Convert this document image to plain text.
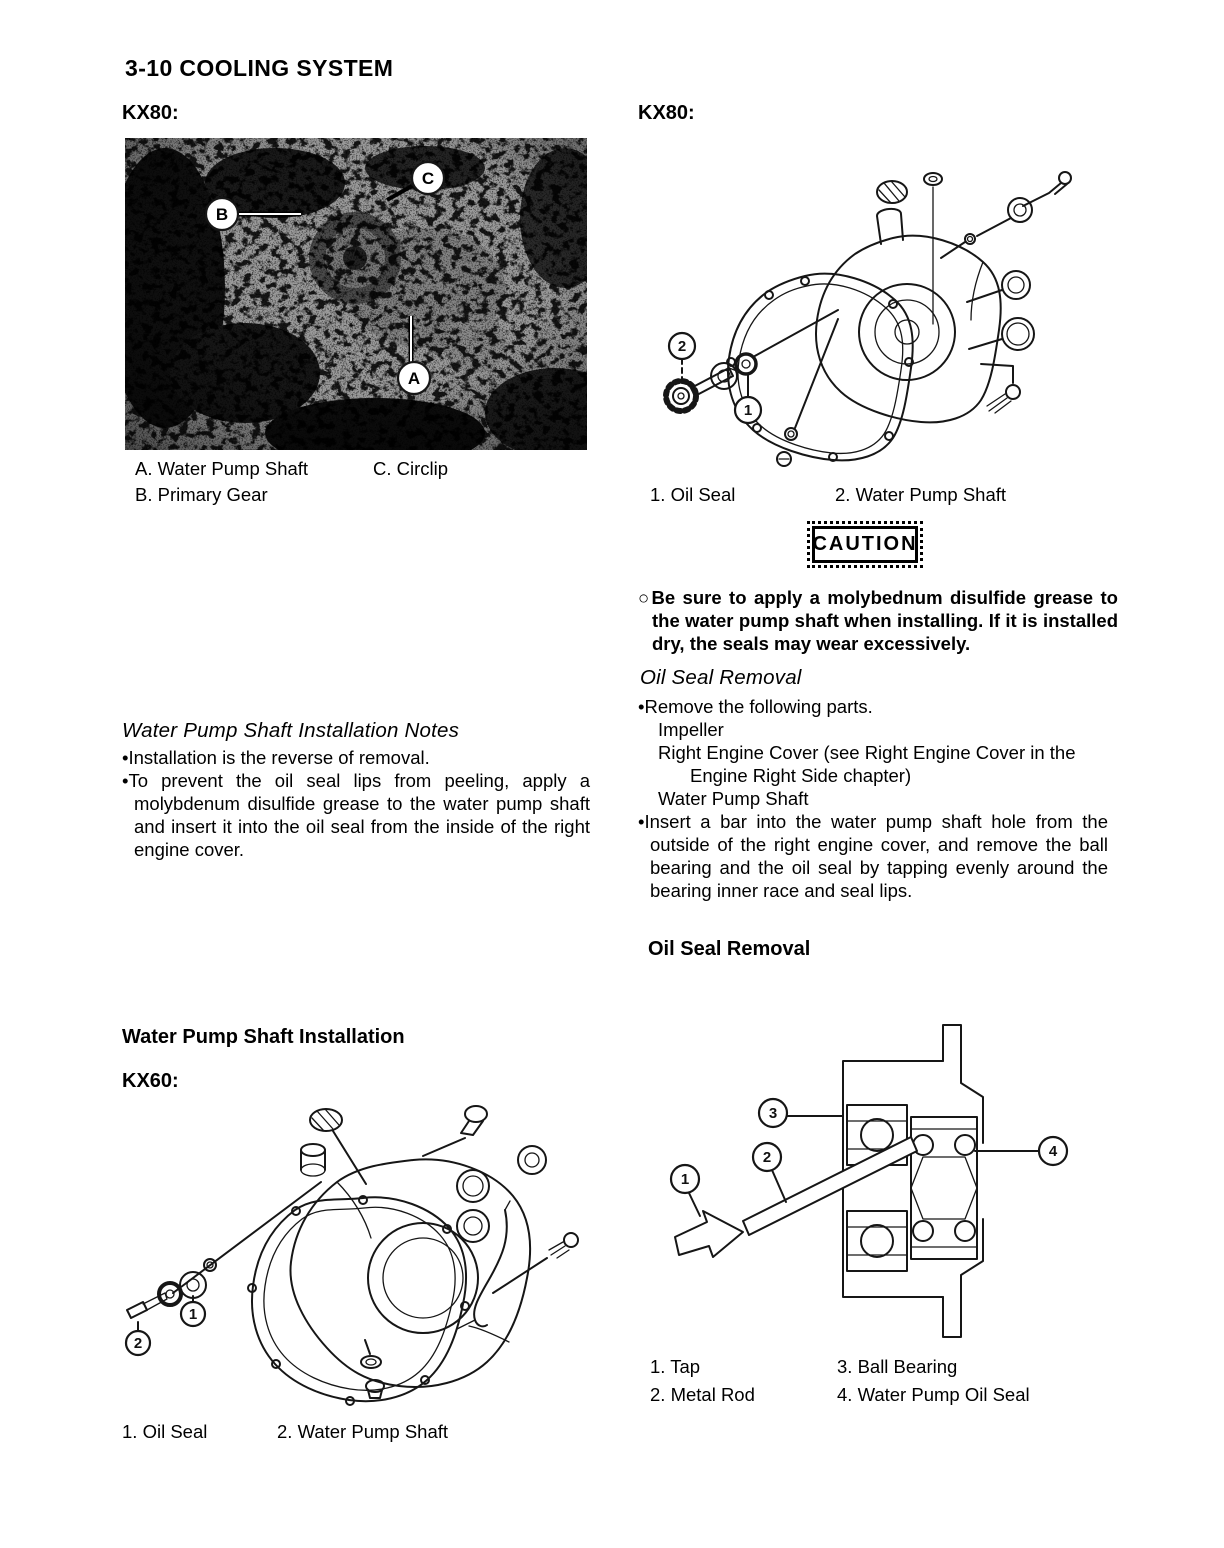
3-10 COOLING SYSTEM
KX80:
B
C
A
A. Water Pump Shaft	C. Circlip
B. Primary Gear
Water Pump Shaft Installation Notes

•Installation is the reverse of removal.

•To prevent the oil seal lips from peeling, apply a molybdenum disulfide grease to the water pump shaft and insert it into the oil seal from the inside of the right engine cover.

Water Pump Shaft Installation
KX60:
1
2
1. Oil Seal	2. Water Pump Shaft
KX80:
2
1
1. Oil Seal	2. Water Pump Shaft
CAUTION

○Be sure to apply a molybednum disulfide grease to the water pump shaft when installing. If it is installed dry, the seals may wear excessively.

Oil Seal Removal

•Remove the following parts.

Impeller

Right Engine Cover (see Right Engine Cover in the Engine Right Side chapter)

Water Pump Shaft

•Insert a bar into the water pump shaft hole from the outside of the right engine cover, and remove the ball bearing and the oil seal by tapping evenly around the bearing inner race and seal lips.

Oil Seal Removal
3
2
1
4
1. Tap	3. Ball Bearing
2. Metal Rod	4. Water Pump Oil Seal
